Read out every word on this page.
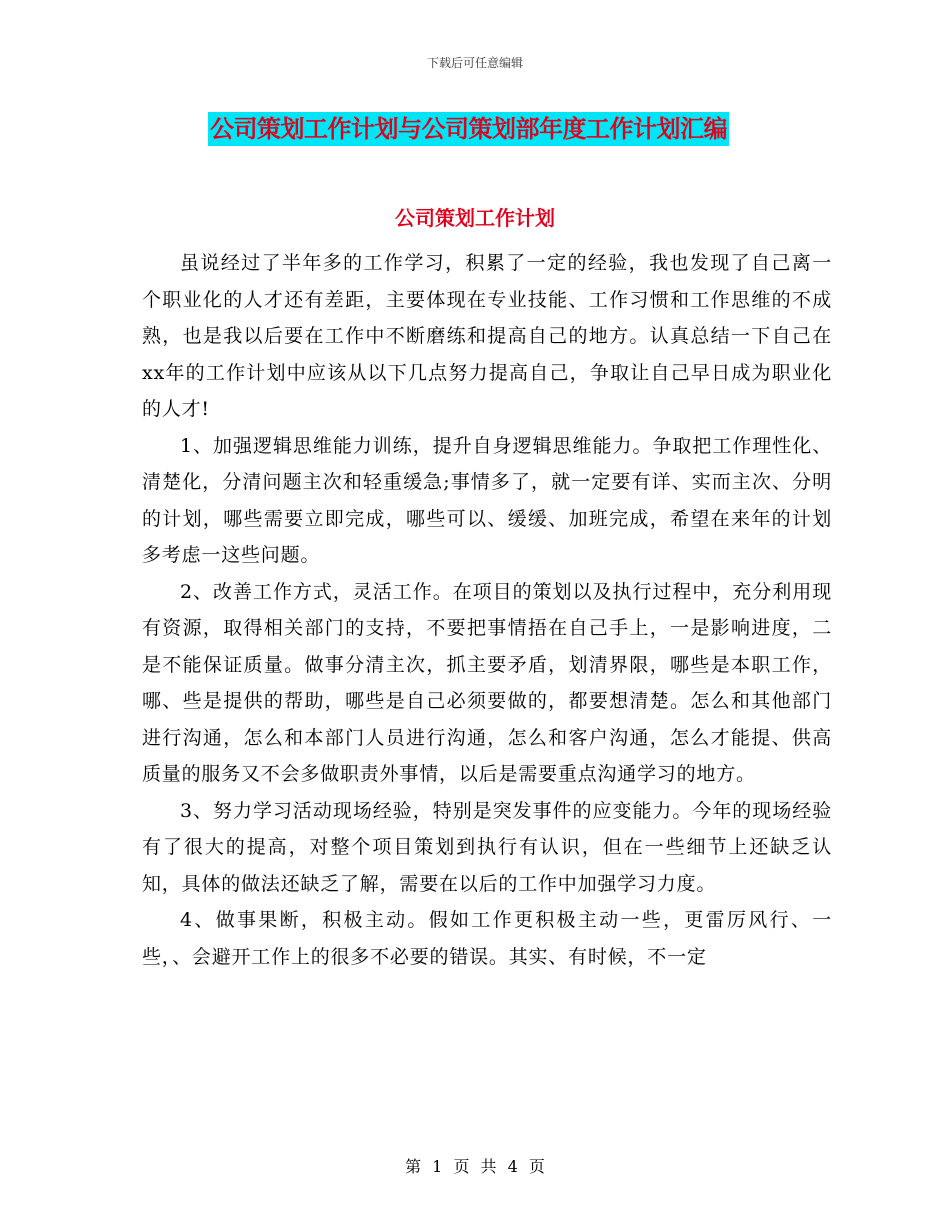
下载后可任意编辑
公司策划工作计划与公司策划部年度工作计划汇编
公司策划工作计划

虽说经过了半年多的工作学习，积累了一定的经验，我也发现了自己离一个职业化的人才还有差距，主要体现在专业技能、工作习惯和工作思维的不成熟，也是我以后要在工作中不断磨练和提高自己的地方。认真总结一下自己在xx年的工作计划中应该从以下几点努力提高自己，争取让自己早日成为职业化的人才!

1、加强逻辑思维能力训练，提升自身逻辑思维能力。争取把工作理性化、清楚化，分清问题主次和轻重缓急;事情多了，就一定要有详、实而主次、分明的计划，哪些需要立即完成，哪些可以、缓缓、加班完成，希望在来年的计划多考虑一这些问题。

2、改善工作方式，灵活工作。在项目的策划以及执行过程中，充分利用现有资源，取得相关部门的支持，不要把事情捂在自己手上，一是影响进度，二是不能保证质量。做事分清主次，抓主要矛盾，划清界限，哪些是本职工作，哪、些是提供的帮助，哪些是自己必须要做的，都要想清楚。怎么和其他部门进行沟通，怎么和本部门人员进行沟通，怎么和客户沟通，怎么才能提、供高质量的服务又不会多做职责外事情，以后是需要重点沟通学习的地方。

3、努力学习活动现场经验，特别是突发事件的应变能力。今年的现场经验有了很大的提高，对整个项目策划到执行有认识，但在一些细节上还缺乏认知，具体的做法还缺乏了解，需要在以后的工作中加强学习力度。

4、做事果断，积极主动。假如工作更积极主动一些，更雷厉风行、一些，、会避开工作上的很多不必要的错误。其实、有时候，不一定

第 1 页 共 4 页
